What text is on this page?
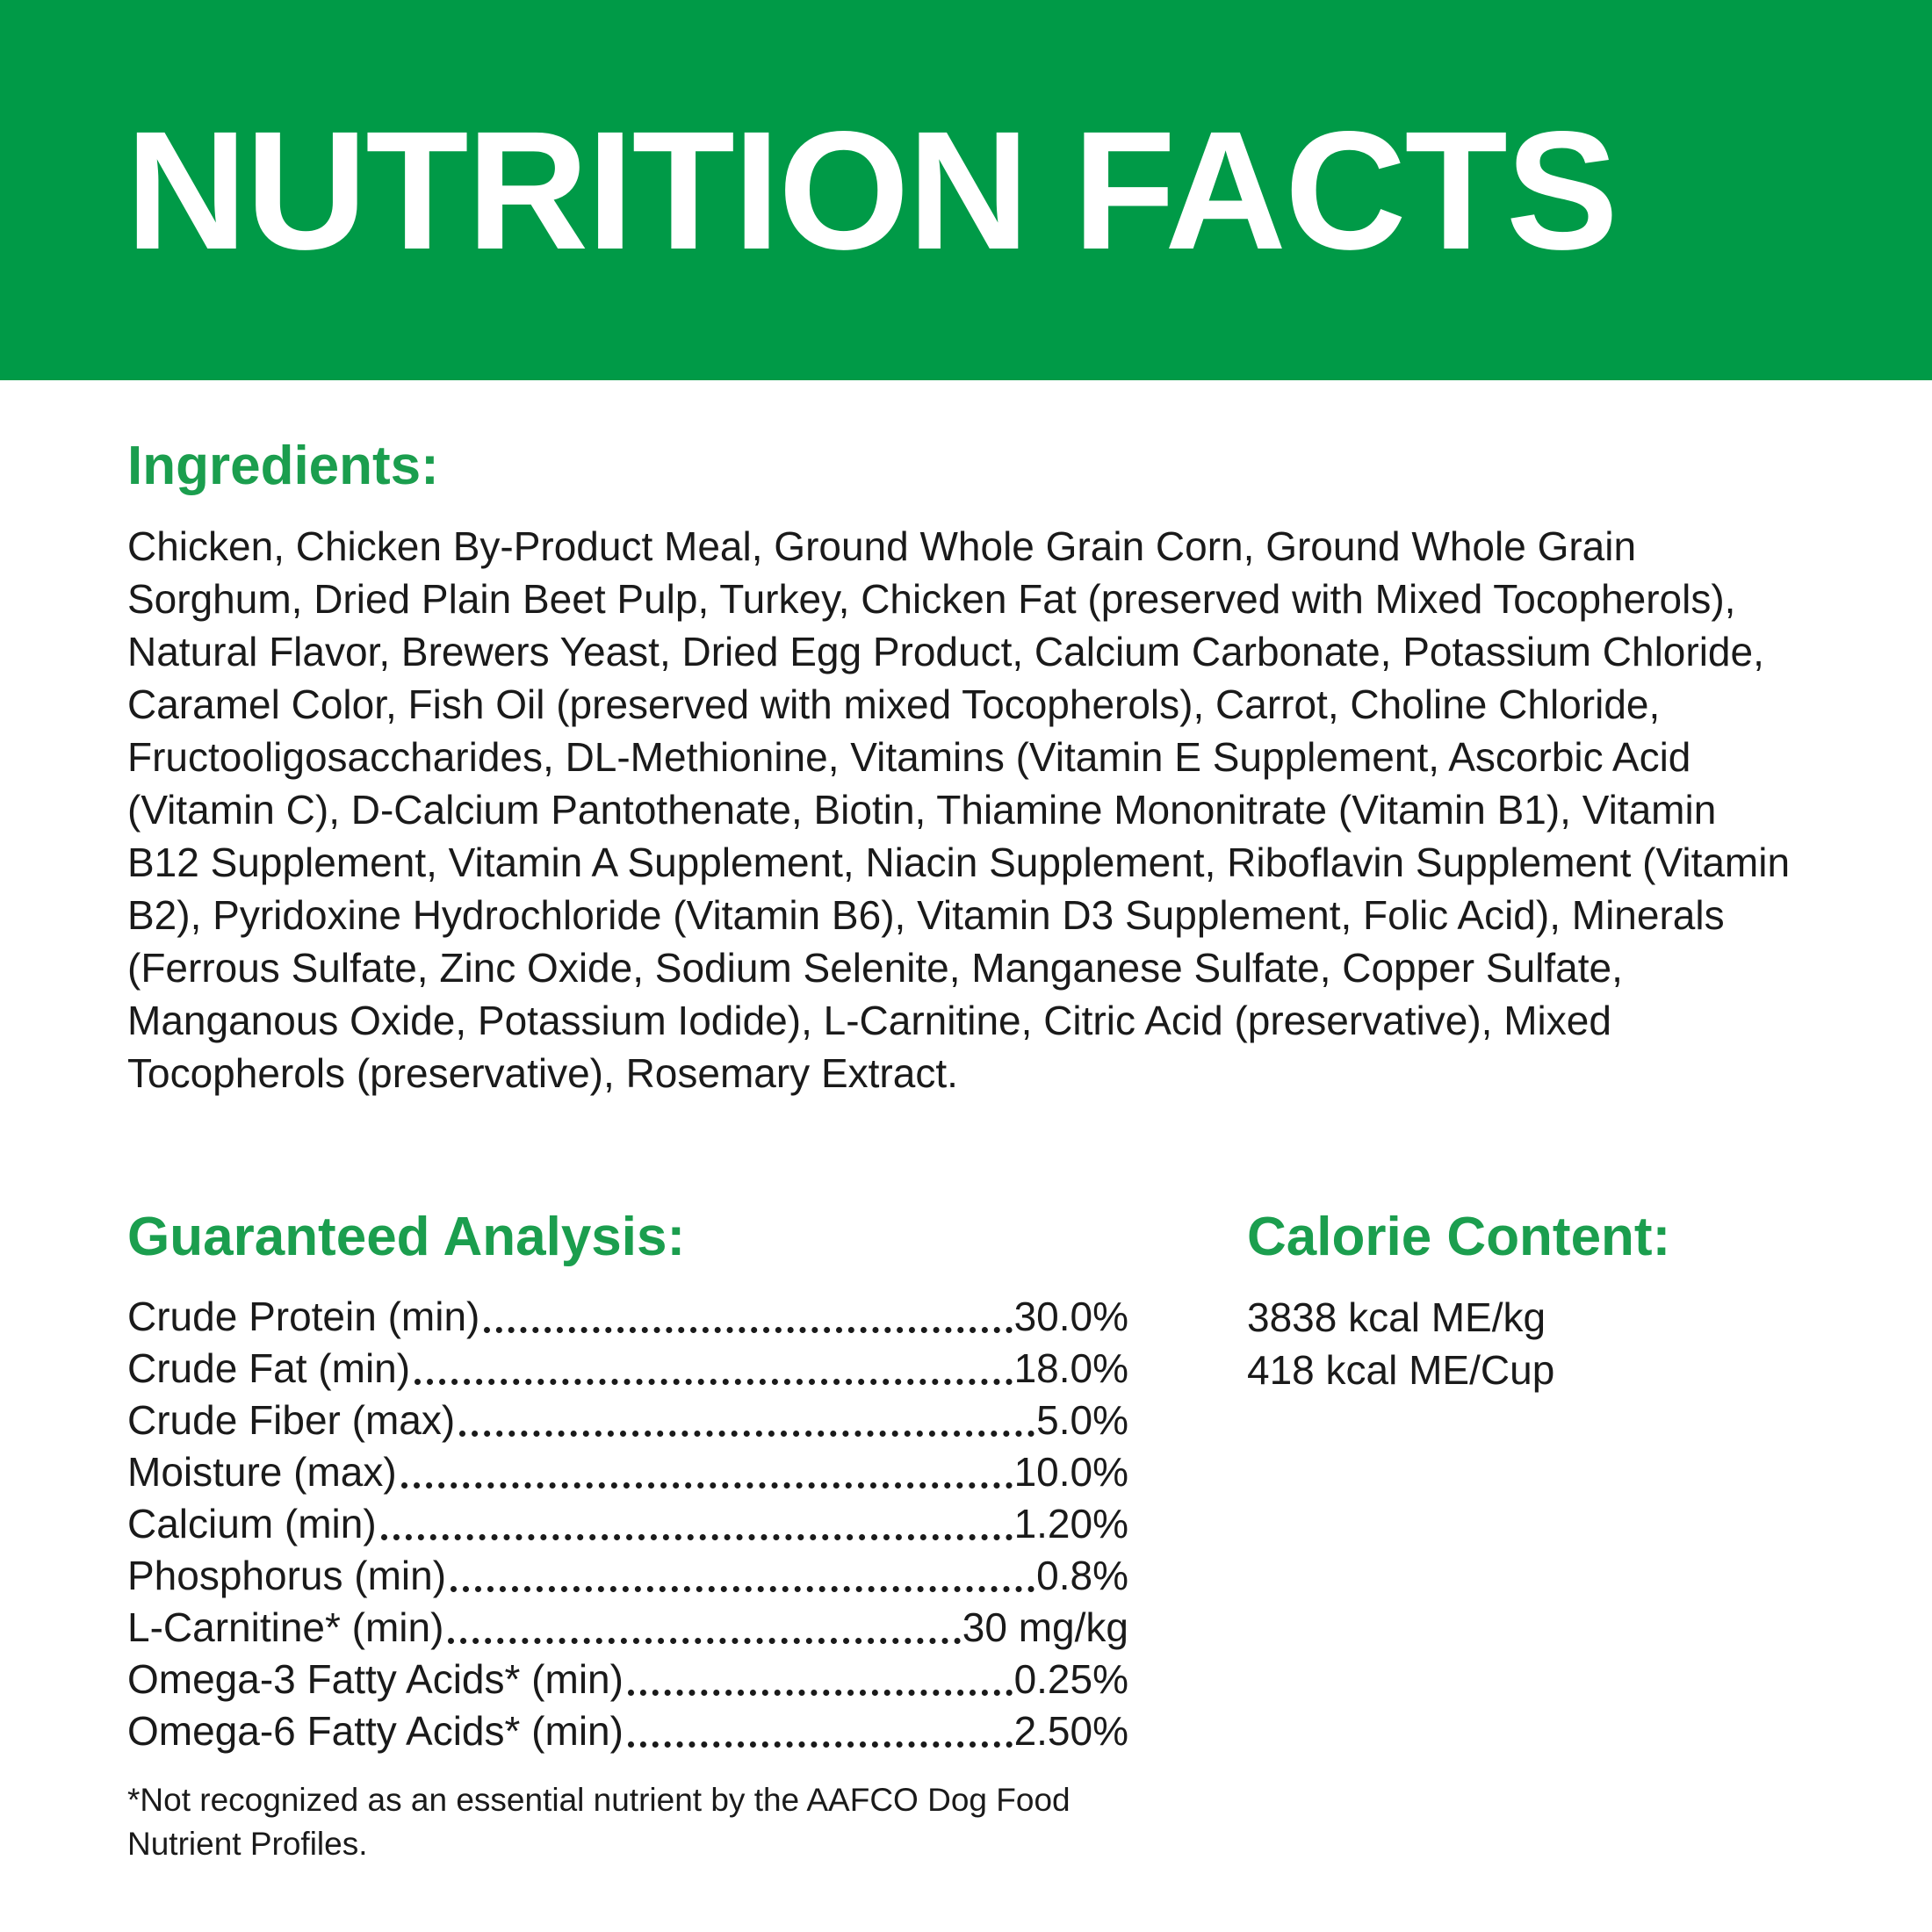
NUTRITION FACTS
Ingredients:

Chicken, Chicken By-Product Meal, Ground Whole Grain Corn, Ground Whole Grain Sorghum, Dried Plain Beet Pulp, Turkey, Chicken Fat (preserved with Mixed Tocopherols), Natural Flavor, Brewers Yeast, Dried Egg Product, Calcium Carbonate, Potassium Chloride, Caramel Color, Fish Oil (preserved with mixed Tocopherols), Carrot, Choline Chloride, Fructooligosaccharides, DL-Methionine, Vitamins (Vitamin E Supplement, Ascorbic Acid (Vitamin C), D-Calcium Pantothenate, Biotin, Thiamine Mononitrate (Vitamin B1), Vitamin B12 Supplement, Vitamin A Supplement, Niacin Supplement, Riboflavin Supplement (Vitamin B2), Pyridoxine Hydrochloride (Vitamin B6), Vitamin D3 Supplement, Folic Acid), Minerals (Ferrous Sulfate, Zinc Oxide, Sodium Selenite, Manganese Sulfate, Copper Sulfate, Manganous Oxide, Potassium Iodide), L-Carnitine, Citric Acid (preservative), Mixed Tocopherols (preservative), Rosemary Extract.

Guaranteed Analysis:
Crude Protein (min)	30.0%
Crude Fat (min)	18.0%
Crude Fiber (max)	5.0%
Moisture (max)	10.0%
Calcium (min)	1.20%
Phosphorus (min)	0.8%
L-Carnitine* (min)	30 mg/kg
Omega-3 Fatty Acids* (min)	0.25%
Omega-6 Fatty Acids* (min)	2.50%

*Not recognized as an essential nutrient by the AAFCO Dog Food Nutrient Profiles.

Calorie Content:
3838 kcal ME/kg
418 kcal ME/Cup
